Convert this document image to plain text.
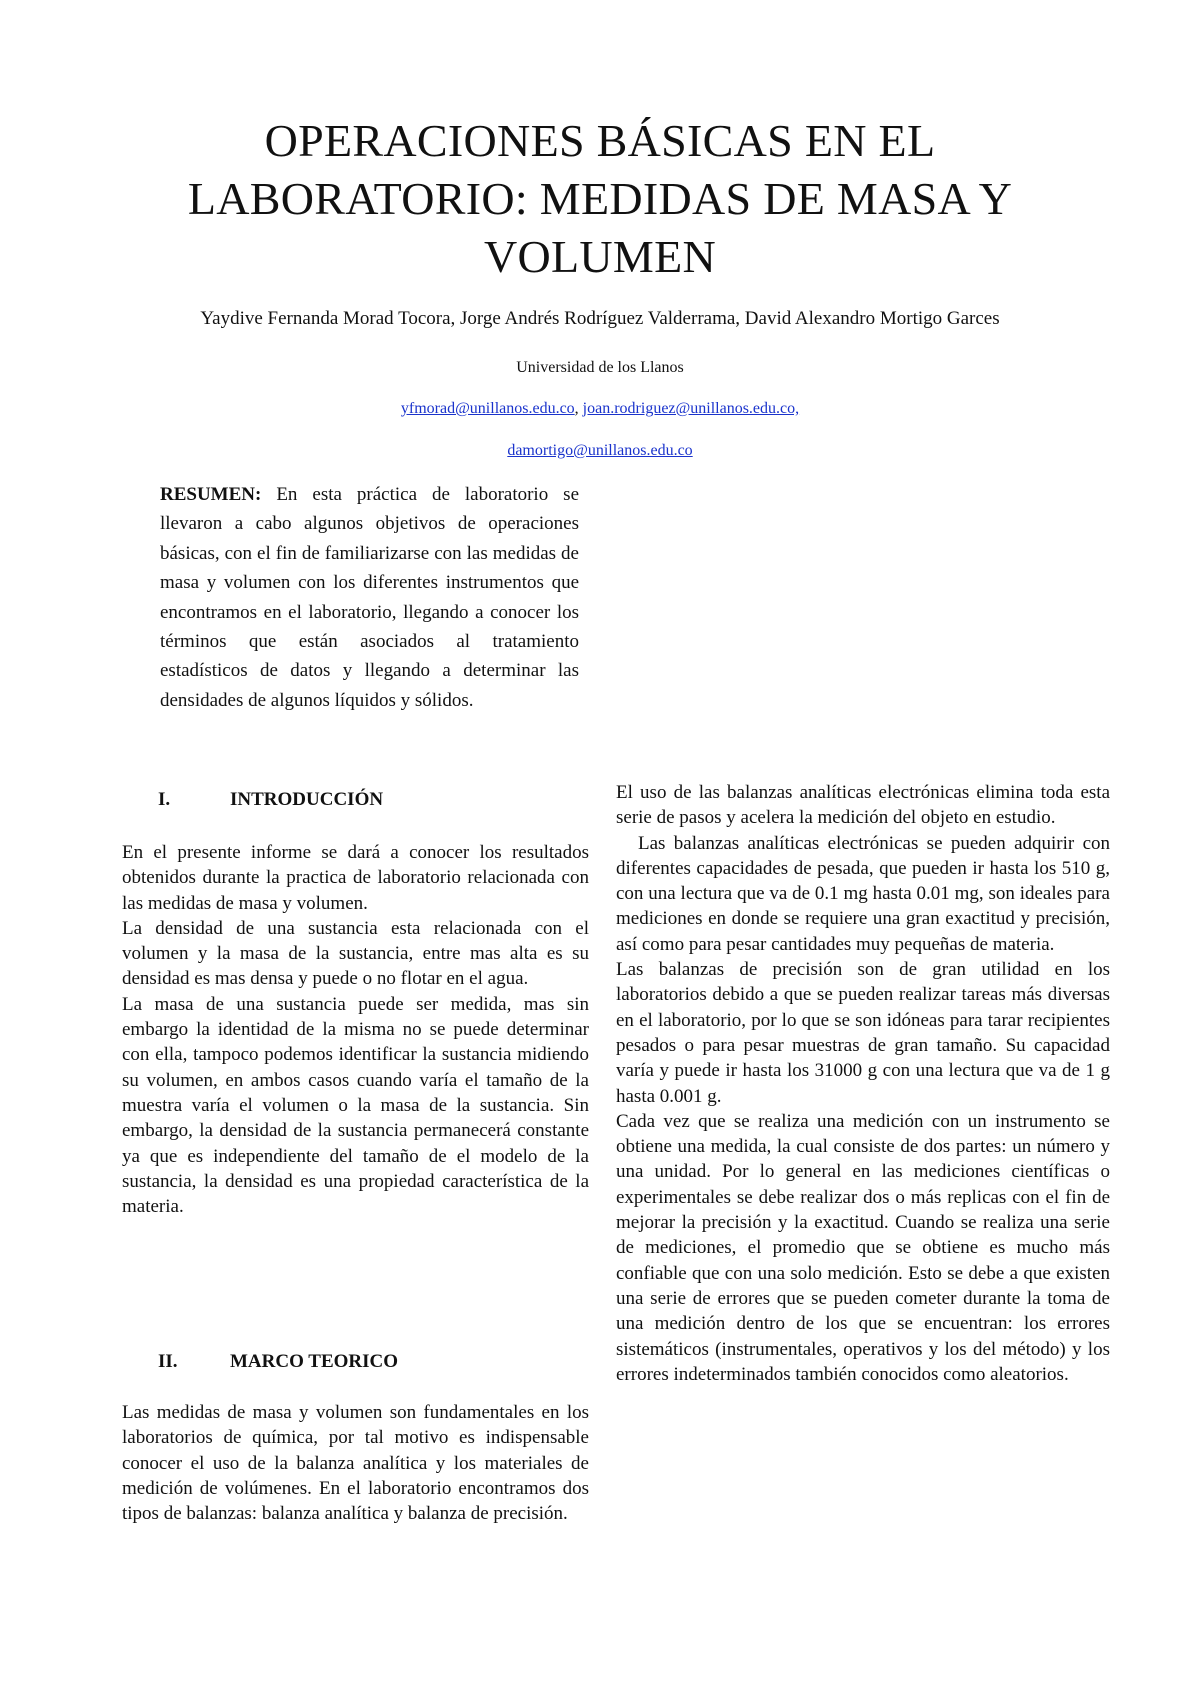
OPERACIONES BÁSICAS EN EL LABORATORIO: MEDIDAS DE MASA Y VOLUMEN
Yaydive Fernanda Morad Tocora, Jorge Andrés Rodríguez Valderrama, David Alexandro Mortigo Garces
Universidad de los Llanos
yfmorad@unillanos.edu.co, joan.rodriguez@unillanos.edu.co,
damortigo@unillanos.edu.co
RESUMEN: En esta práctica de laboratorio se llevaron a cabo algunos objetivos de operaciones básicas, con el fin de familiarizarse con las medidas de masa y volumen con los diferentes instrumentos que encontramos en el laboratorio, llegando a conocer los términos que están asociados al tratamiento estadísticos de datos y llegando a determinar las densidades de algunos líquidos y sólidos.
I.	INTRODUCCIÓN

En el presente informe se dará a conocer los resultados obtenidos durante la practica de laboratorio relacionada con las medidas de masa y volumen.

La densidad de una sustancia esta relacionada con el volumen y la masa de la sustancia, entre mas alta es su densidad es mas densa y puede o no flotar en el agua.

La masa de una sustancia puede ser medida, mas sin embargo la identidad de la misma no se puede determinar con ella, tampoco podemos identificar la sustancia midiendo su volumen, en ambos casos cuando varía el tamaño de la muestra varía el volumen o la masa de la sustancia. Sin embargo, la densidad de la sustancia permanecerá constante ya que es independiente del tamaño de el modelo de la sustancia, la densidad es una propiedad característica de la materia.

II.	MARCO TEORICO

Las medidas de masa y volumen son fundamentales en los laboratorios de química, por tal motivo es indispensable conocer el uso de la balanza analítica y los materiales de medición de volúmenes. En el laboratorio encontramos dos tipos de balanzas: balanza analítica y balanza de precisión.

El uso de las balanzas analíticas electrónicas elimina toda esta serie de pasos y acelera la medición del objeto en estudio.

Las balanzas analíticas electrónicas se pueden adquirir con diferentes capacidades de pesada, que pueden ir hasta los 510 g, con una lectura que va de 0.1 mg hasta 0.01 mg, son ideales para mediciones en donde se requiere una gran exactitud y precisión, así como para pesar cantidades muy pequeñas de materia.

Las balanzas de precisión son de gran utilidad en los laboratorios debido a que se pueden realizar tareas más diversas en el laboratorio, por lo que se son idóneas para tarar recipientes pesados o para pesar muestras de gran tamaño. Su capacidad varía y puede ir hasta los 31000 g con una lectura que va de 1 g hasta 0.001 g.

Cada vez que se realiza una medición con un instrumento se obtiene una medida, la cual consiste de dos partes: un número y una unidad. Por lo general en las mediciones científicas o experimentales se debe realizar dos o más replicas con el fin de mejorar la precisión y la exactitud. Cuando se realiza una serie de mediciones, el promedio que se obtiene es mucho más confiable que con una solo medición. Esto se debe a que existen una serie de errores que se pueden cometer durante la toma de una medición dentro de los que se encuentran: los errores sistemáticos (instrumentales, operativos y los del método) y los errores indeterminados también conocidos como aleatorios.
